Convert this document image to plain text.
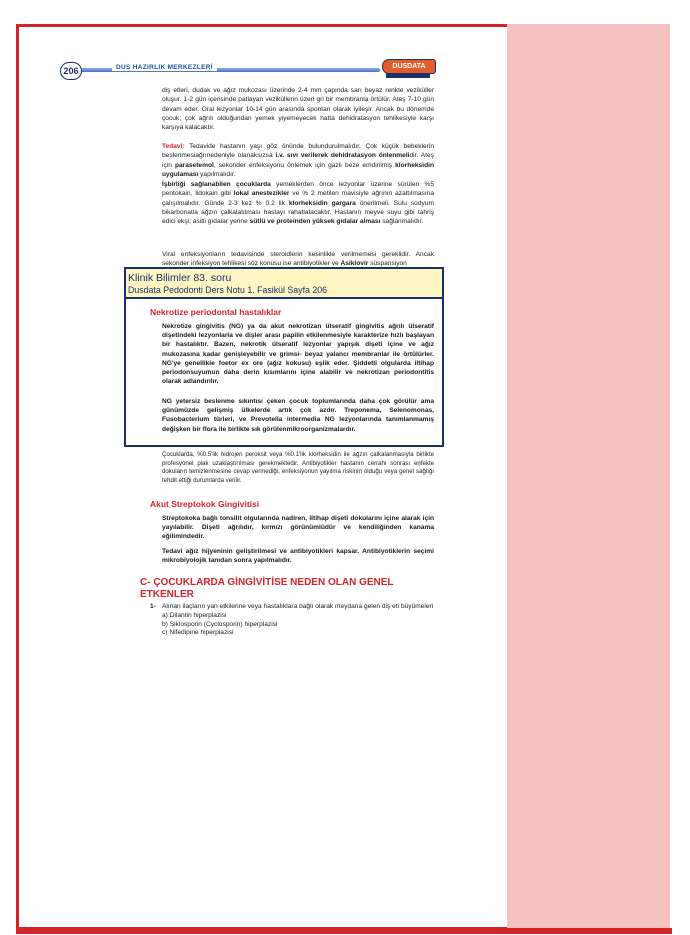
206	DUS HAZIRLIK MERKEZLERİ	DUSDATA
diş etleri, dudak ve ağız mukozası üzerinde 2-4 mm çapında sarı beyaz renkte veziküller oluşur. 1-2 gün içerisinde patlayan veziküllerin üzeri gri bir membranla örtülür. Ateş 7-10 gün devam eder. Oral lezyonlar 10-14 gün arasında spontan olarak iyileşir. Ancak bu dönemde çocuk; çok ağrılı olduğundan yemek yiyemeyecek hatta dehidratasyon tehlikesiyle karşı karşıya kalacaktır.
Tedavi: Tedavide hastanın yaşı göz önünde bulundurulmalıdır. Çok küçük bebeklerin beslenmesiağrınedeniyle olanaksızsa i.v. sıvı verilerek dehidratasyon önlenmelidir. Ateş için parasetemol, sekonder enfeksiyonu önlemek için gazlı beze emdirilmiş klorheksidin uygulaması yapılmalıdır.
İşbirliği sağlanabilen çocuklarda yemeklerden önce lezyonlar üzerine sürülen %5 pentokain, lidokain gibi lokal anestezikler ve % 2 metilen mavisiyle ağrının azaltılmasına çalışılmalıdır. Günde 2-3 kez % 0.2 lik klorheksidin gargara önerilmeli. Sulu sodyum bikarbonatla ağzın çalkalatılması hastayı rahatlatacaktır. Hastanın meyve suyu gibi tahriş edici ekşi, asitli gıdalar yerine sütlü ve proteinden yüksek gıdalar alması sağlanmalıdır.
Viral enfeksiyonların tedavisinde steroidlerin kesinlikle verilmemesi gereklidir. Ancak sekonder infeksiyon tehlikesi söz konusu ise antibiyotikler ve Asiklovir süspansiyon
Klinik Bilimler 83. soru
Dusdata Pedodonti Ders Notu 1. Fasikül Sayfa 206
Nekrotize periodontal hastalıklar
Nekrotize gingivitis (NG) ya da akut nekrotizan ülseratif gingivitis ağrılı ülseratif dişetindeki lezyonlarla ve dişler arası papilin etkilenmesiyle karakterize hızlı başlayan bir hastalıktır. Bazen, nekrotik ülseratif lezyonlar yapışık dişeti içine ve ağız mukozasına kadar genişleyebilir ve grimsi- beyaz yalancı membranlar ile örtülürler. NG'ye genellikle foetor ex ore (ağız kokusu) eşlik eder. Şiddetli olgularda iltihap periodonsuyumun daha derin kısımlarını içine alabilir ve nekrotizan periodontitis olarak adlandırılır.
NG yetersiz beslenme sıkıntısı çeken çocuk toplumlarında daha çok görülür ama günümüzde gelişmiş ülkelerde artık çok azdır. Treponema, Selenomonas, Fusobacterium türleri, ve Prevotella intermedia NG lezyonlarında tanımlanmamış değişken bir flora ile birlikte sık görülenmikroorganizmalardır.
Çocuklarda, %0.5'lik hidrojen peroksit veya %0.1'lik klorheksidin ile ağzın çalkalanmasıyla birlikte profesyonel plak uzaklaştırılması gerekmektedir. Antibiyotikler hastanın cerrahi sonrası enfekte dokuların temizlenmesine cevap vermediği, enfeksiyonun yayılma riskinin olduğu veya genel sağlığı tehdit ettiği durumlarda verilir.
Akut Streptokok Gingivitisi
Streptokoka bağlı tonsilit olgularında nadiren, iltihap dişeti dokularını içine alarak için yayılabilir. Dişeti ağrılıdır, kırmızı görünümlüdür ve kendiliğinden kanama eğilimindedir.
Tedavi ağız hijyeninin geliştirilmesi ve antibiyotikleri kapsar. Antibiyotiklerin seçimi mikrobiyolojik tanıdan sonra yapılmalıdır.
C- ÇOCUKLARDA GİNGİVİTİSE NEDEN OLAN GENEL
ETKENLER
1- Alınan ilaçların yan etkilerine veya hastalıklara bağlı olarak meydana gelen diş eti büyümeleri
a) Dilantin hiperplazisi
b) Siklosporin (Cyclosporin) hiperplazisi
c) Nifedipine hiperplazisi
